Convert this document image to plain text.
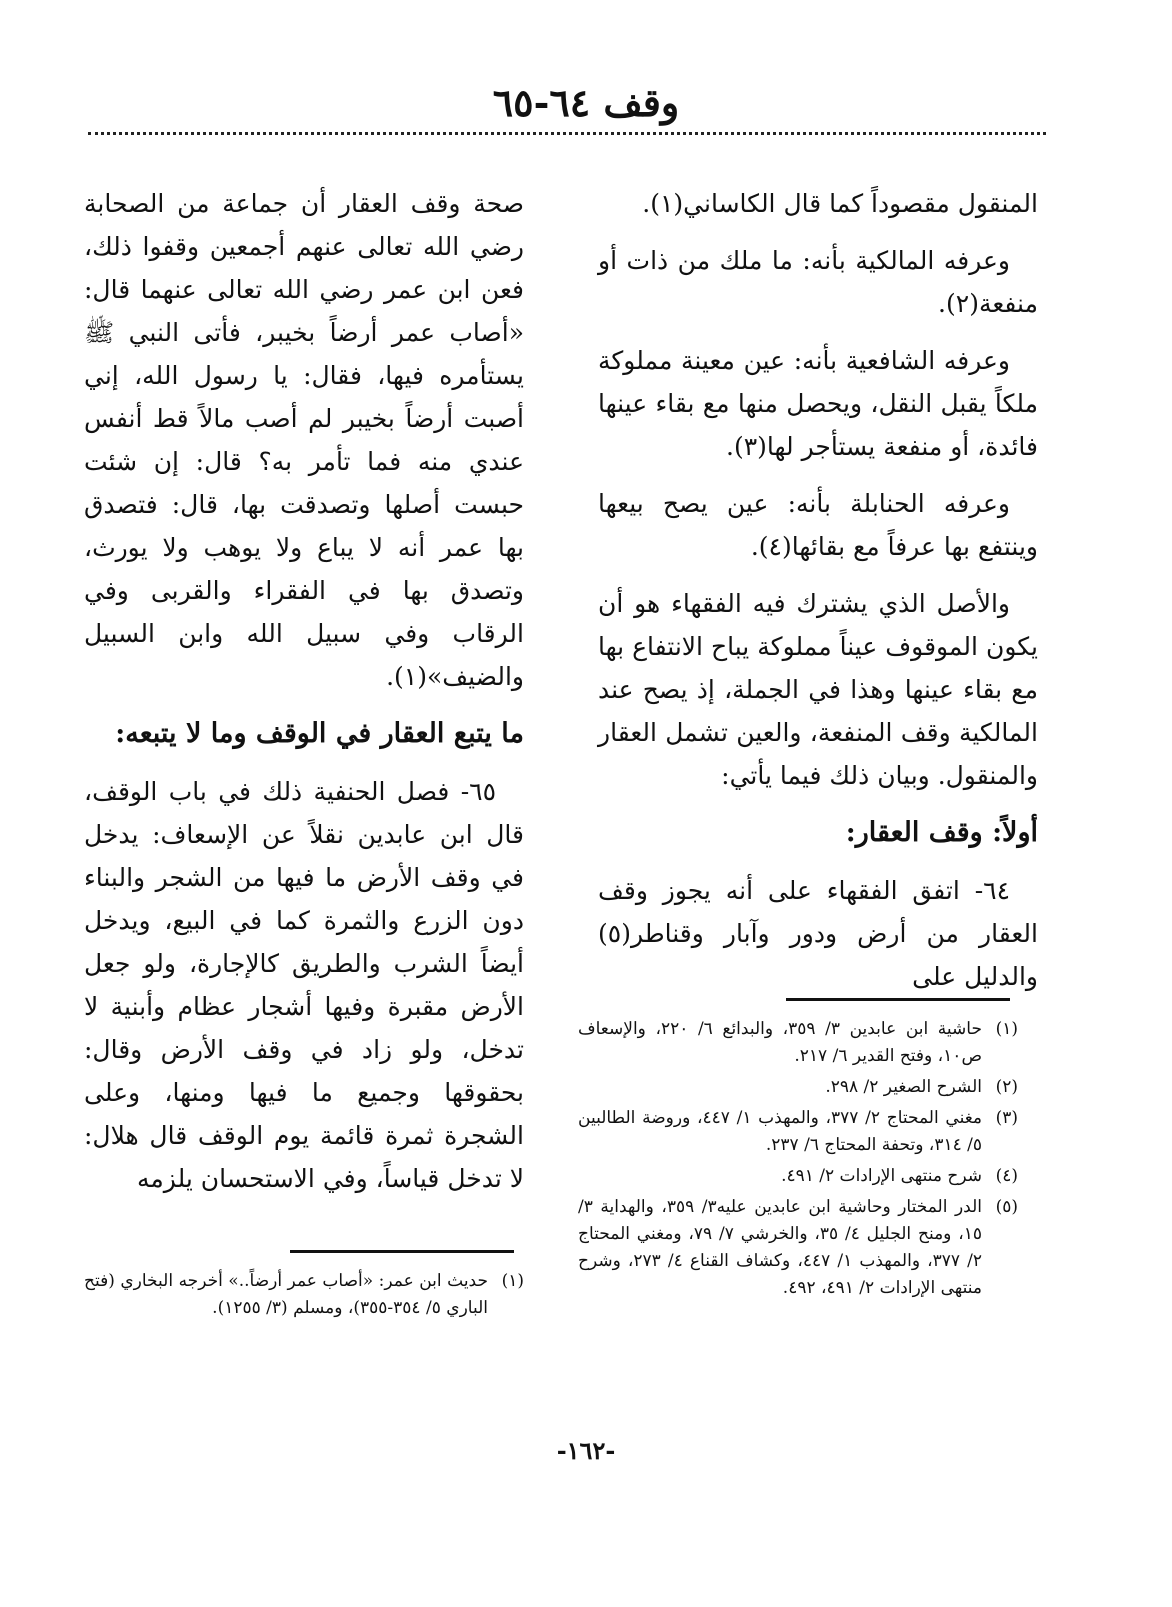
وقف ٦٤-٦٥

المنقول مقصوداً كما قال الكاساني(١).

وعرفه المالكية بأنه: ما ملك من ذات أو منفعة(٢).

وعرفه الشافعية بأنه: عين معينة مملوكة ملكاً يقبل النقل، ويحصل منها مع بقاء عينها فائدة، أو منفعة يستأجر لها(٣).

وعرفه الحنابلة بأنه: عين يصح بيعها وينتفع بها عرفاً مع بقائها(٤).

والأصل الذي يشترك فيه الفقهاء هو أن يكون الموقوف عيناً مملوكة يباح الانتفاع بها مع بقاء عينها وهذا في الجملة، إذ يصح عند المالكية وقف المنفعة، والعين تشمل العقار والمنقول. وبيان ذلك فيما يأتي:

أولاً: وقف العقار:

٦٤- اتفق الفقهاء على أنه يجوز وقف العقار من أرض ودور وآبار وقناطر(٥) والدليل على

(١)
حاشية ابن عابدين ٣/ ٣٥٩، والبدائع ٦/ ٢٢٠، والإسعاف ص١٠، وفتح القدير ٦/ ٢١٧.
(٢)
الشرح الصغير ٢/ ٢٩٨.
(٣)
مغني المحتاج ٢/ ٣٧٧، والمهذب ١/ ٤٤٧، وروضة الطالبين ٥/ ٣١٤، وتحفة المحتاج ٦/ ٢٣٧.
(٤)
شرح منتهى الإرادات ٢/ ٤٩١.
(٥)
الدر المختار وحاشية ابن عابدين عليه٣/ ٣٥٩، والهداية ٣/ ١٥، ومنح الجليل ٤/ ٣٥، والخرشي ٧/ ٧٩، ومغني المحتاج ٢/ ٣٧٧، والمهذب ١/ ٤٤٧، وكشاف القناع ٤/ ٢٧٣، وشرح منتهى الإرادات ٢/ ٤٩١، ٤٩٢.

صحة وقف العقار أن جماعة من الصحابة رضي الله تعالى عنهم أجمعين وقفوا ذلك، فعن ابن عمر رضي الله تعالى عنهما قال: «أصاب عمر أرضاً بخيبر، فأتى النبي ﷺ يستأمره فيها، فقال: يا رسول الله، إني أصبت أرضاً بخيبر لم أصب مالاً قط أنفس عندي منه فما تأمر به؟ قال: إن شئت حبست أصلها وتصدقت بها، قال: فتصدق بها عمر أنه لا يباع ولا يوهب ولا يورث، وتصدق بها في الفقراء والقربى وفي الرقاب وفي سبيل الله وابن السبيل والضيف»(١).

ما يتبع العقار في الوقف وما لا يتبعه:

٦٥- فصل الحنفية ذلك في باب الوقف، قال ابن عابدين نقلاً عن الإسعاف: يدخل في وقف الأرض ما فيها من الشجر والبناء دون الزرع والثمرة كما في البيع، ويدخل أيضاً الشرب والطريق كالإجارة، ولو جعل الأرض مقبرة وفيها أشجار عظام وأبنية لا تدخل، ولو زاد في وقف الأرض وقال: بحقوقها وجميع ما فيها ومنها، وعلى الشجرة ثمرة قائمة يوم الوقف قال هلال: لا تدخل قياساً، وفي الاستحسان يلزمه

(١)
حديث ابن عمر: «أصاب عمر أرضاً..» أخرجه البخاري (فتح الباري ٥/ ٣٥٤-٣٥٥)، ومسلم (٣/ ١٢٥٥).
-١٦٢-
